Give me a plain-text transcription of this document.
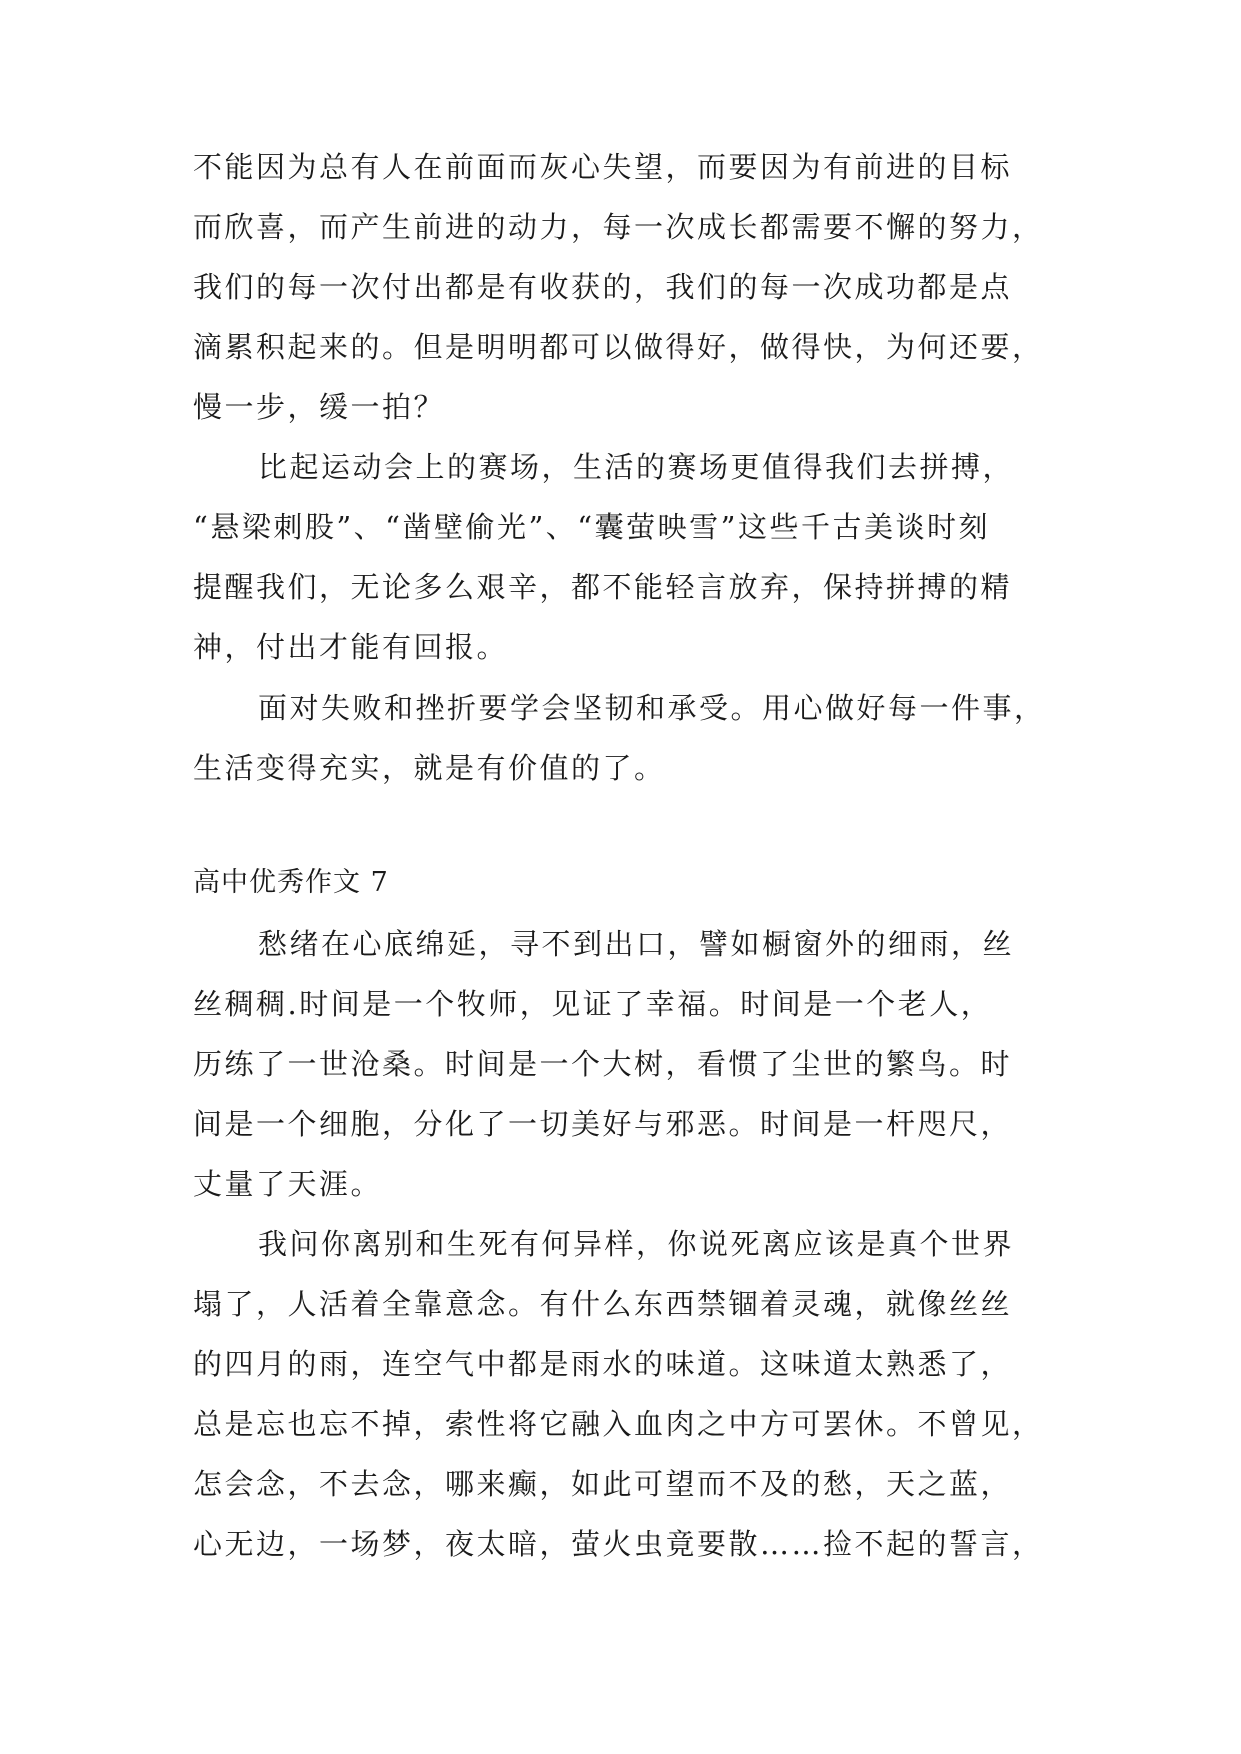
不能因为总有人在前面而灰心失望，而要因为有前进的目标
而欣喜，而产生前进的动力，每一次成长都需要不懈的努力，
我们的每一次付出都是有收获的，我们的每一次成功都是点
滴累积起来的。但是明明都可以做得好，做得快，为何还要，
慢一步，缓一拍？
比起运动会上的赛场，生活的赛场更值得我们去拼搏，
“悬梁刺股”、“凿壁偷光”、“囊萤映雪”这些千古美谈时刻
提醒我们，无论多么艰辛，都不能轻言放弃，保持拼搏的精
神，付出才能有回报。
面对失败和挫折要学会坚韧和承受。用心做好每一件事，
生活变得充实，就是有价值的了。
高中优秀作文 7
愁绪在心底绵延，寻不到出口，譬如橱窗外的细雨，丝
丝稠稠.时间是一个牧师，见证了幸福。时间是一个老人，
历练了一世沧桑。时间是一个大树，看惯了尘世的繁鸟。时
间是一个细胞，分化了一切美好与邪恶。时间是一杆咫尺，
丈量了天涯。
我问你离别和生死有何异样，你说死离应该是真个世界
塌了，人活着全靠意念。有什么东西禁锢着灵魂，就像丝丝
的四月的雨，连空气中都是雨水的味道。这味道太熟悉了，
总是忘也忘不掉，索性将它融入血肉之中方可罢休。不曾见，
怎会念，不去念，哪来癫，如此可望而不及的愁，天之蓝，
心无边，一场梦，夜太暗，萤火虫竟要散……捡不起的誓言，
